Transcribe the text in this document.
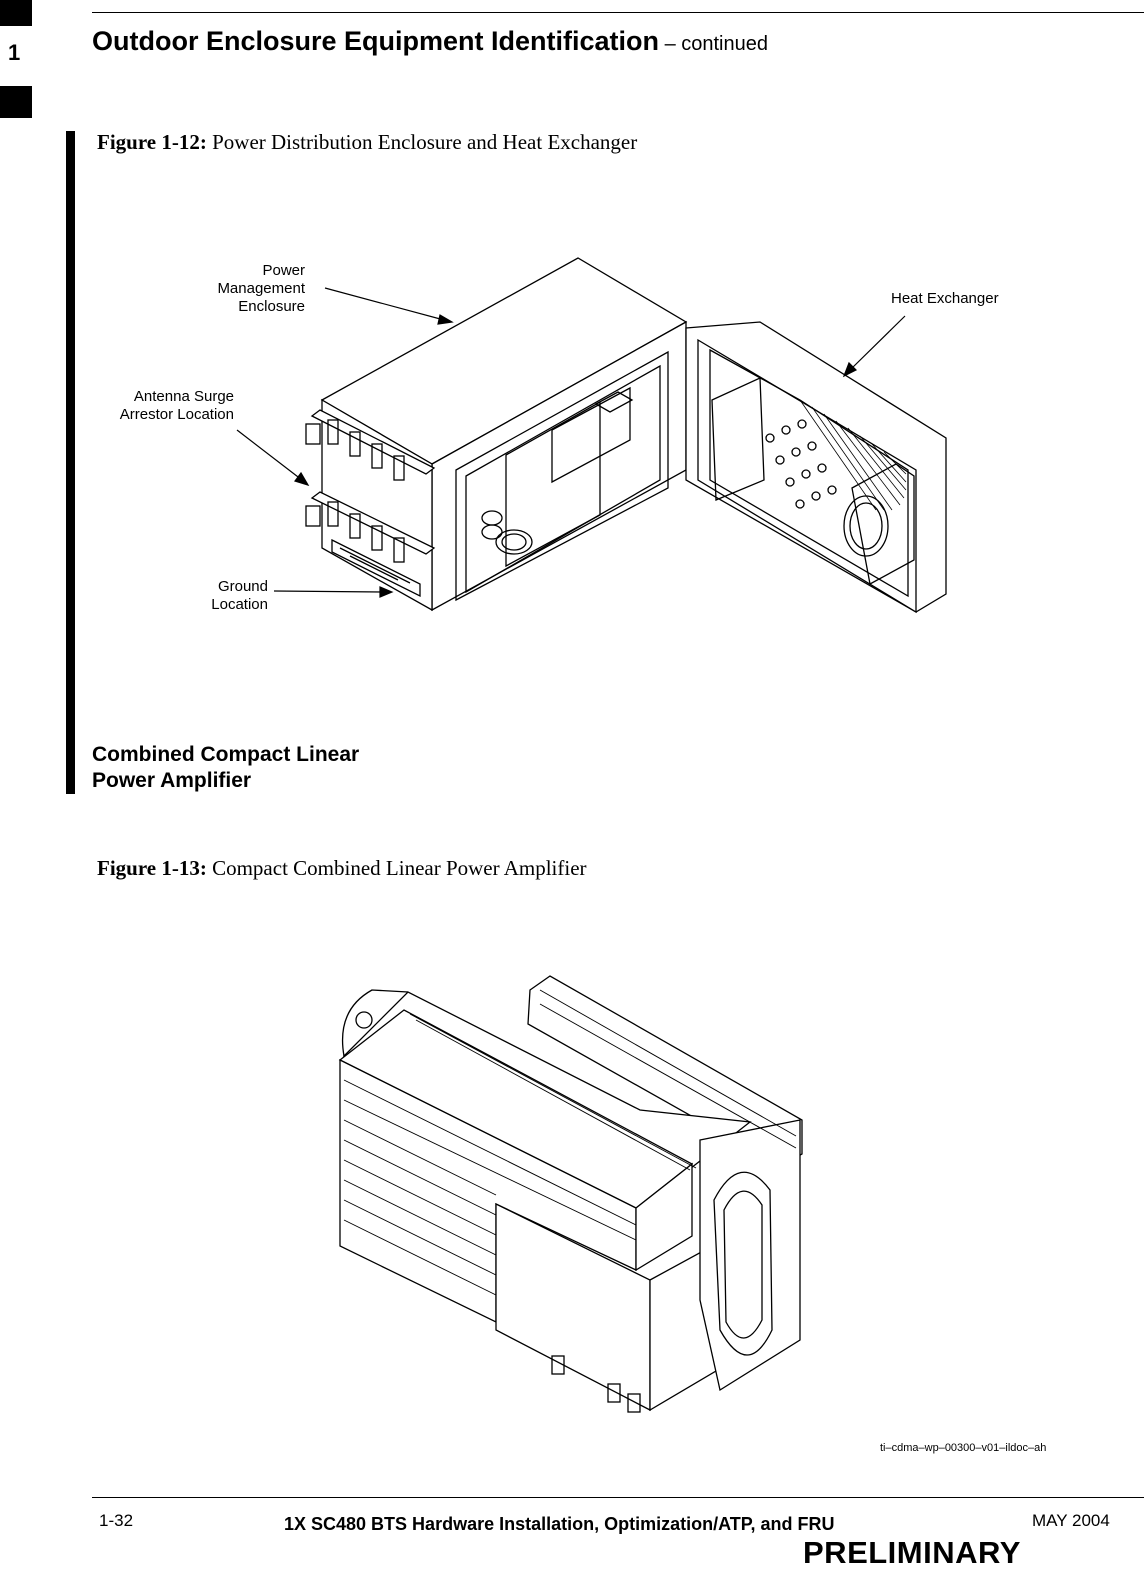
1	Outdoor Enclosure Equipment Identification – continued
Figure 1-12: Power Distribution Enclosure and Heat Exchanger
Power
Management
Enclosure	Heat Exchanger
Antenna Surge
Arrestor Location
Ground
Location
Combined Compact Linear
Power Amplifier
Figure 1-13: Compact Combined Linear Power Amplifier
ti–cdma–wp–00300–v01–ildoc–ah
1-32	1X SC480 BTS Hardware Installation, Optimization/ATP, and FRU	MAY 2004
PRELIMINARY
